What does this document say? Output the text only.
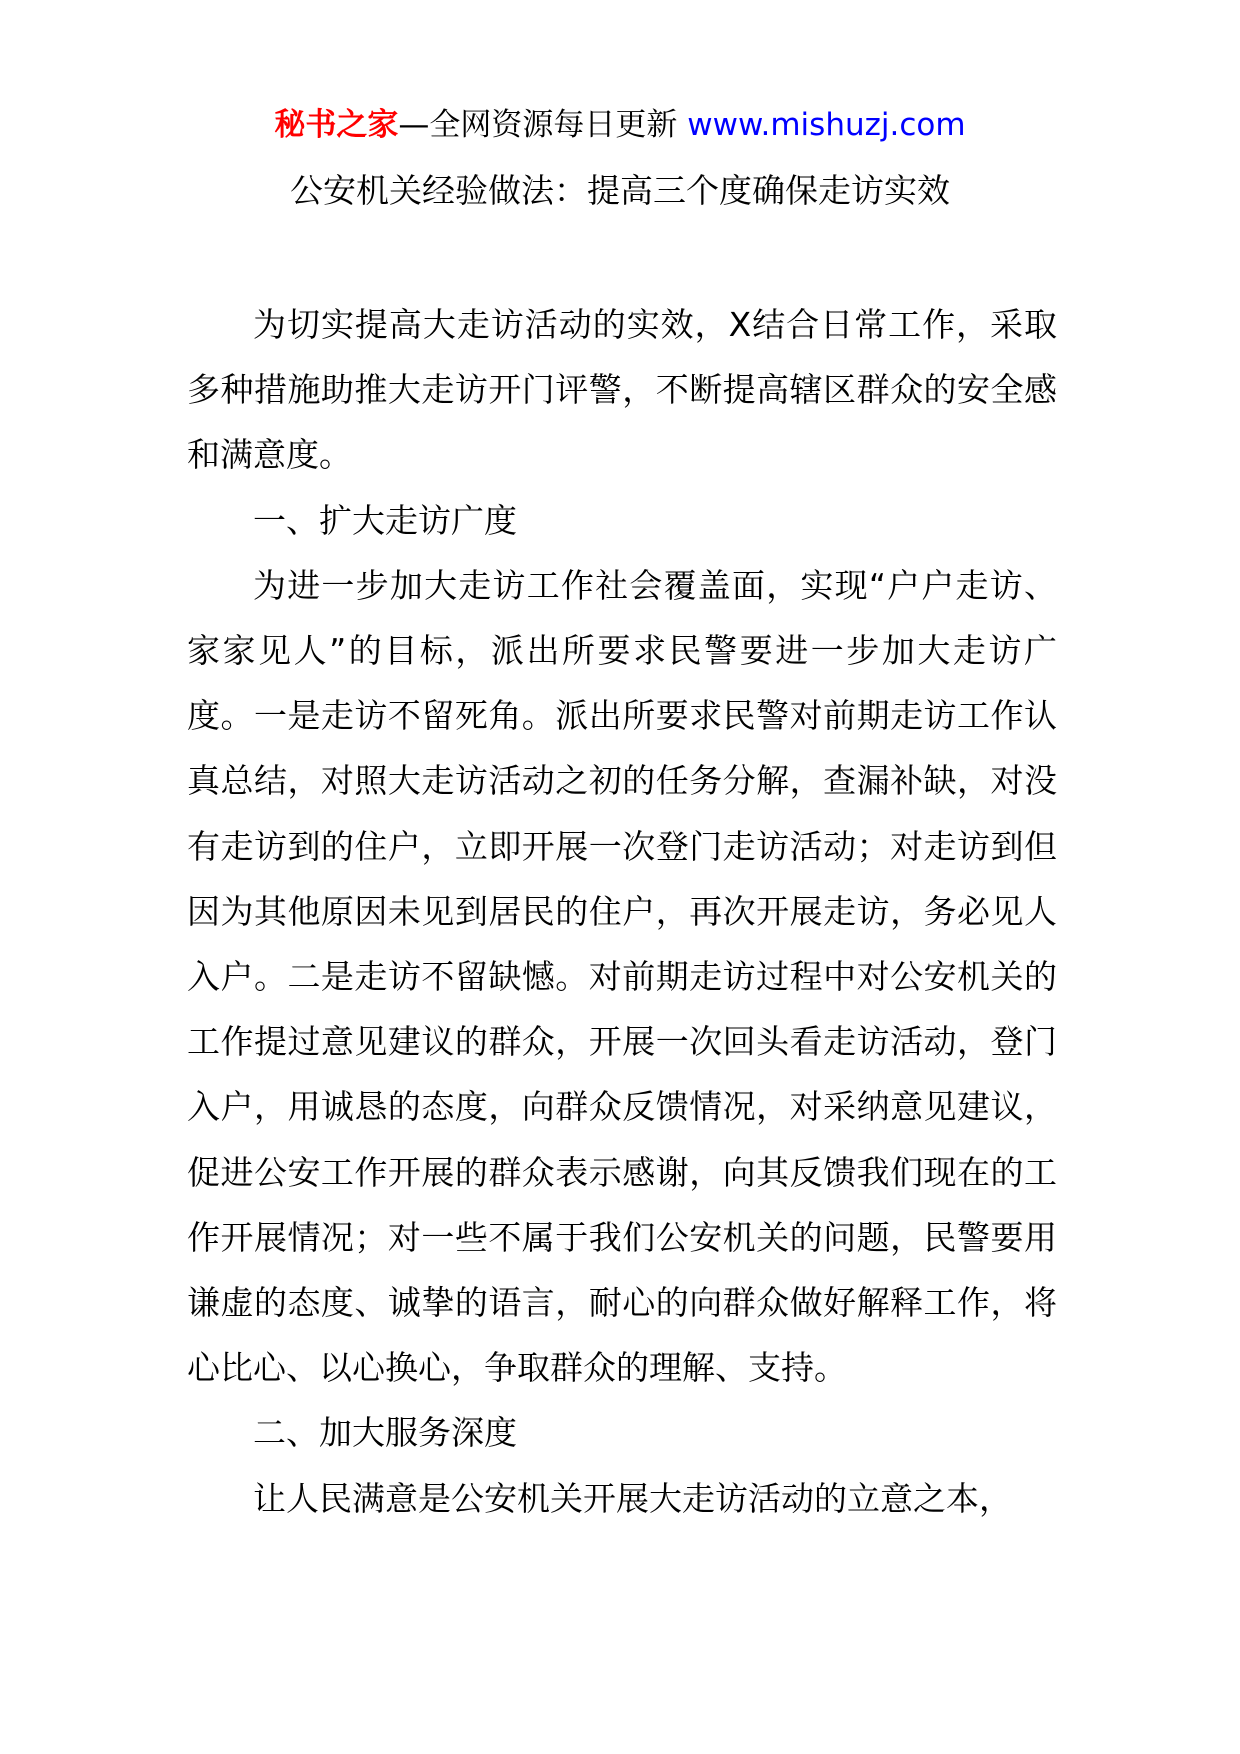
秘书之家—全网资源每日更新 www.mishuzj.com
公安机关经验做法：提高三个度确保走访实效

为切实提高大走访活动的实效，X结合日常工作，采取多种措施助推大走访开门评警，不断提高辖区群众的安全感和满意度。

一、扩大走访广度

为进一步加大走访工作社会覆盖面，实现“户户走访、家家见人”的目标，派出所要求民警要进一步加大走访广度。一是走访不留死角。派出所要求民警对前期走访工作认真总结，对照大走访活动之初的任务分解，查漏补缺，对没有走访到的住户，立即开展一次登门走访活动；对走访到但因为其他原因未见到居民的住户，再次开展走访，务必见人入户。二是走访不留缺憾。对前期走访过程中对公安机关的工作提过意见建议的群众，开展一次回头看走访活动，登门入户，用诚恳的态度，向群众反馈情况，对采纳意见建议，促进公安工作开展的群众表示感谢，向其反馈我们现在的工作开展情况；对一些不属于我们公安机关的问题，民警要用谦虚的态度、诚挚的语言，耐心的向群众做好解释工作，将心比心、以心换心，争取群众的理解、支持。

二、加大服务深度

让人民满意是公安机关开展大走访活动的立意之本，
